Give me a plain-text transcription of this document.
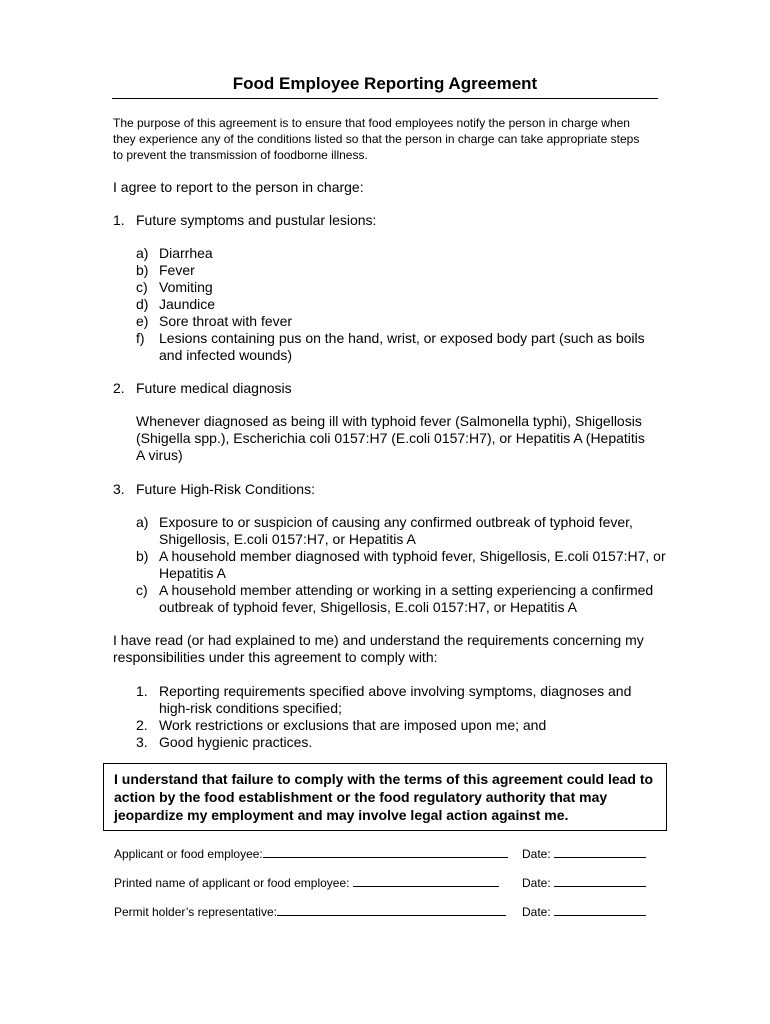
Food Employee Reporting Agreement
The purpose of this agreement is to ensure that food employees notify the person in charge when they experience any of the conditions listed so that the person in charge can take appropriate steps to prevent the transmission of foodborne illness.
I agree to report to the person in charge:
1. Future symptoms and pustular lesions:
a) Diarrhea
b) Fever
c) Vomiting
d) Jaundice
e) Sore throat with fever
f) Lesions containing pus on the hand, wrist, or exposed body part (such as boils and infected wounds)
2. Future medical diagnosis
Whenever diagnosed as being ill with typhoid fever (Salmonella typhi), Shigellosis (Shigella spp.), Escherichia coli 0157:H7 (E.coli 0157:H7), or Hepatitis A (Hepatitis A virus)
3. Future High-Risk Conditions:
a) Exposure to or suspicion of causing any confirmed outbreak of typhoid fever, Shigellosis, E.coli 0157:H7, or Hepatitis A
b) A household member diagnosed with typhoid fever, Shigellosis, E.coli 0157:H7, or Hepatitis A
c) A household member attending or working in a setting experiencing a confirmed outbreak of typhoid fever, Shigellosis, E.coli 0157:H7, or Hepatitis A
I have read (or had explained to me) and understand the requirements concerning my responsibilities under this agreement to comply with:
1. Reporting requirements specified above involving symptoms, diagnoses and high-risk conditions specified;
2. Work restrictions or exclusions that are imposed upon me; and
3. Good hygienic practices.
I understand that failure to comply with the terms of this agreement could lead to action by the food establishment or the food regulatory authority that may jeopardize my employment and may involve legal action against me.
Applicant or food employee:	Date:
Printed name of applicant or food employee:	Date:
Permit holder’s representative:	Date:
